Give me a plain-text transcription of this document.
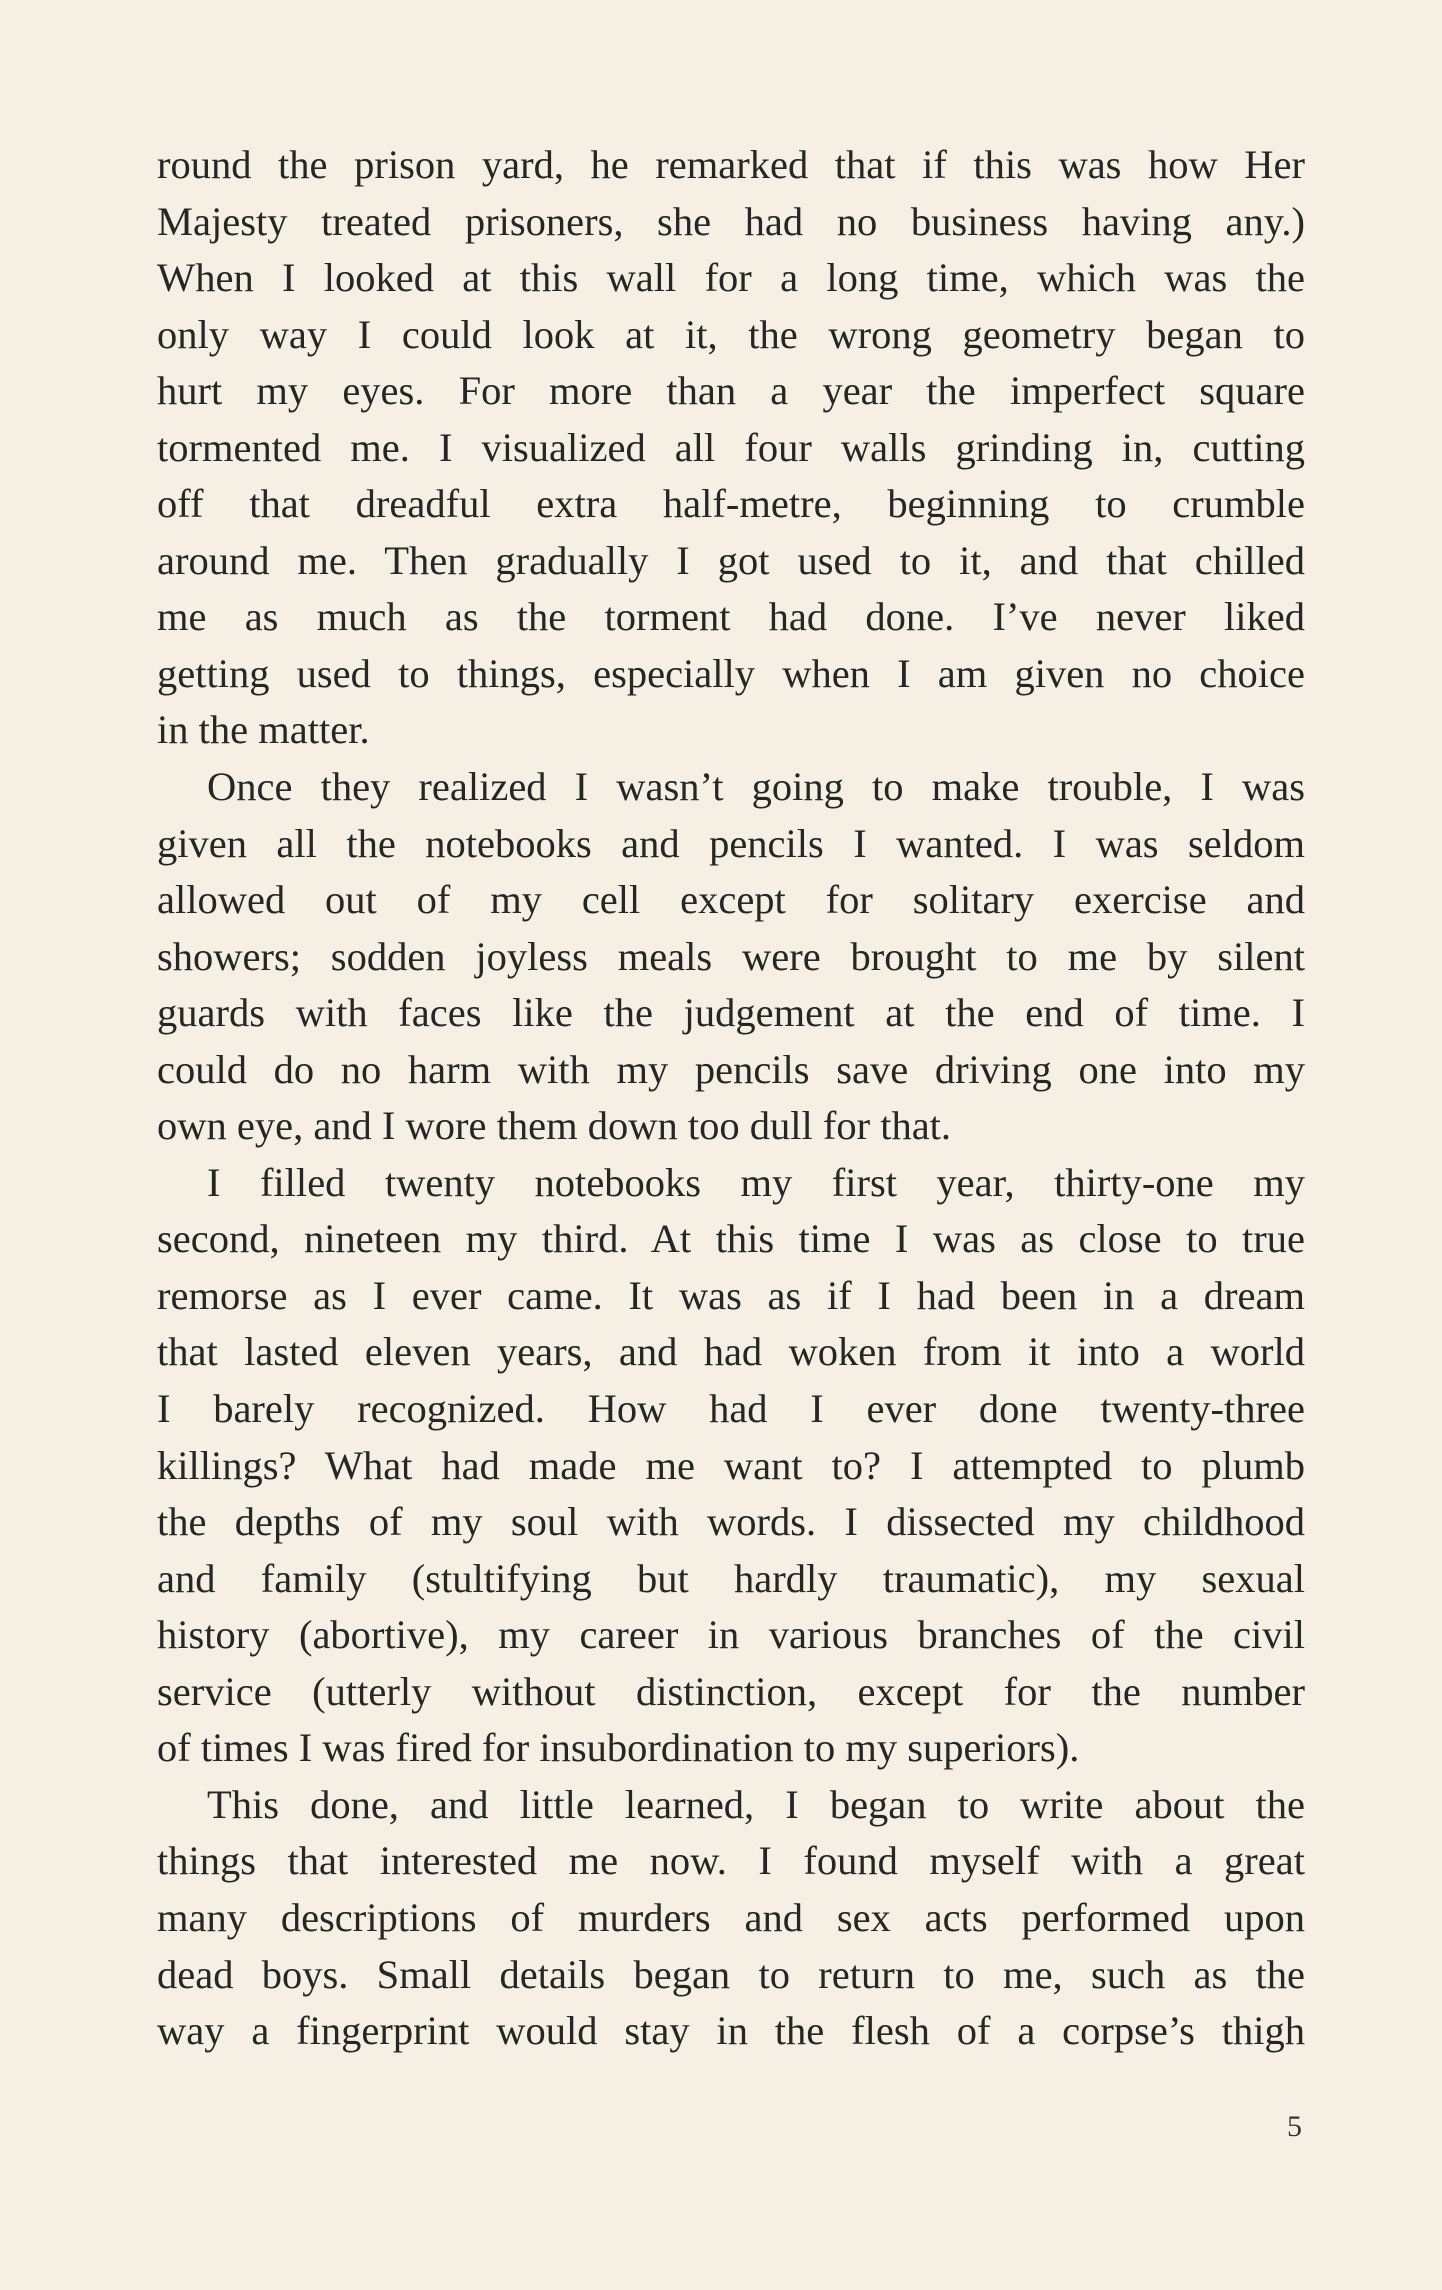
round the prison yard, he remarked that if this was how Her
Majesty treated prisoners, she had no business having any.)
When I looked at this wall for a long time, which was the
only way I could look at it, the wrong geometry began to
hurt my eyes. For more than a year the imperfect square
tormented me. I visualized all four walls grinding in, cutting
off that dreadful extra half-metre, beginning to crumble
around me. Then gradually I got used to it, and that chilled
me as much as the torment had done. I’ve never liked
getting used to things, especially when I am given no choice
in the matter.
Once they realized I wasn’t going to make trouble, I was
given all the notebooks and pencils I wanted. I was seldom
allowed out of my cell except for solitary exercise and
showers; sodden joyless meals were brought to me by silent
guards with faces like the judgement at the end of time. I
could do no harm with my pencils save driving one into my
own eye, and I wore them down too dull for that.
I filled twenty notebooks my first year, thirty-one my
second, nineteen my third. At this time I was as close to true
remorse as I ever came. It was as if I had been in a dream
that lasted eleven years, and had woken from it into a world
I barely recognized. How had I ever done twenty-three
killings? What had made me want to? I attempted to plumb
the depths of my soul with words. I dissected my childhood
and family (stultifying but hardly traumatic), my sexual
history (abortive), my career in various branches of the civil
service (utterly without distinction, except for the number
of times I was fired for insubordination to my superiors).
This done, and little learned, I began to write about the
things that interested me now. I found myself with a great
many descriptions of murders and sex acts performed upon
dead boys. Small details began to return to me, such as the
way a fingerprint would stay in the flesh of a corpse’s thigh
5
